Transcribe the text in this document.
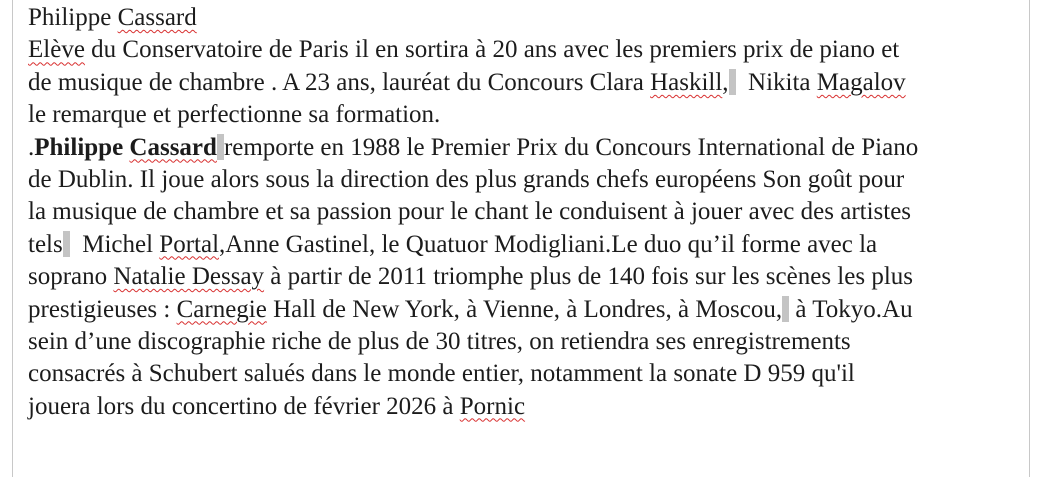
Philippe Cassard
Elève du Conservatoire de Paris il en sortira à 20 ans avec les premiers prix de piano et
de musique de chambre . A 23 ans, lauréat du Concours Clara Haskill,  Nikita Magalov
le remarque et perfectionne sa formation.
.Philippe Cassard remporte en 1988 le Premier Prix du Concours International de Piano
de Dublin. Il joue alors sous la direction des plus grands chefs européens Son goût pour
la musique de chambre et sa passion pour le chant le conduisent à jouer avec des artistes
tels  Michel Portal,Anne Gastinel, le Quatuor Modigliani.Le duo qu’il forme avec la
soprano Natalie Dessay à partir de 2011 triomphe plus de 140 fois sur les scènes les plus
prestigieuses : Carnegie Hall de New York, à Vienne, à Londres, à Moscou, à Tokyo.Au
sein d’une discographie riche de plus de 30 titres, on retiendra ses enregistrements
consacrés à Schubert salués dans le monde entier, notamment la sonate D 959 qu'il
jouera lors du concertino de février 2026 à Pornic
